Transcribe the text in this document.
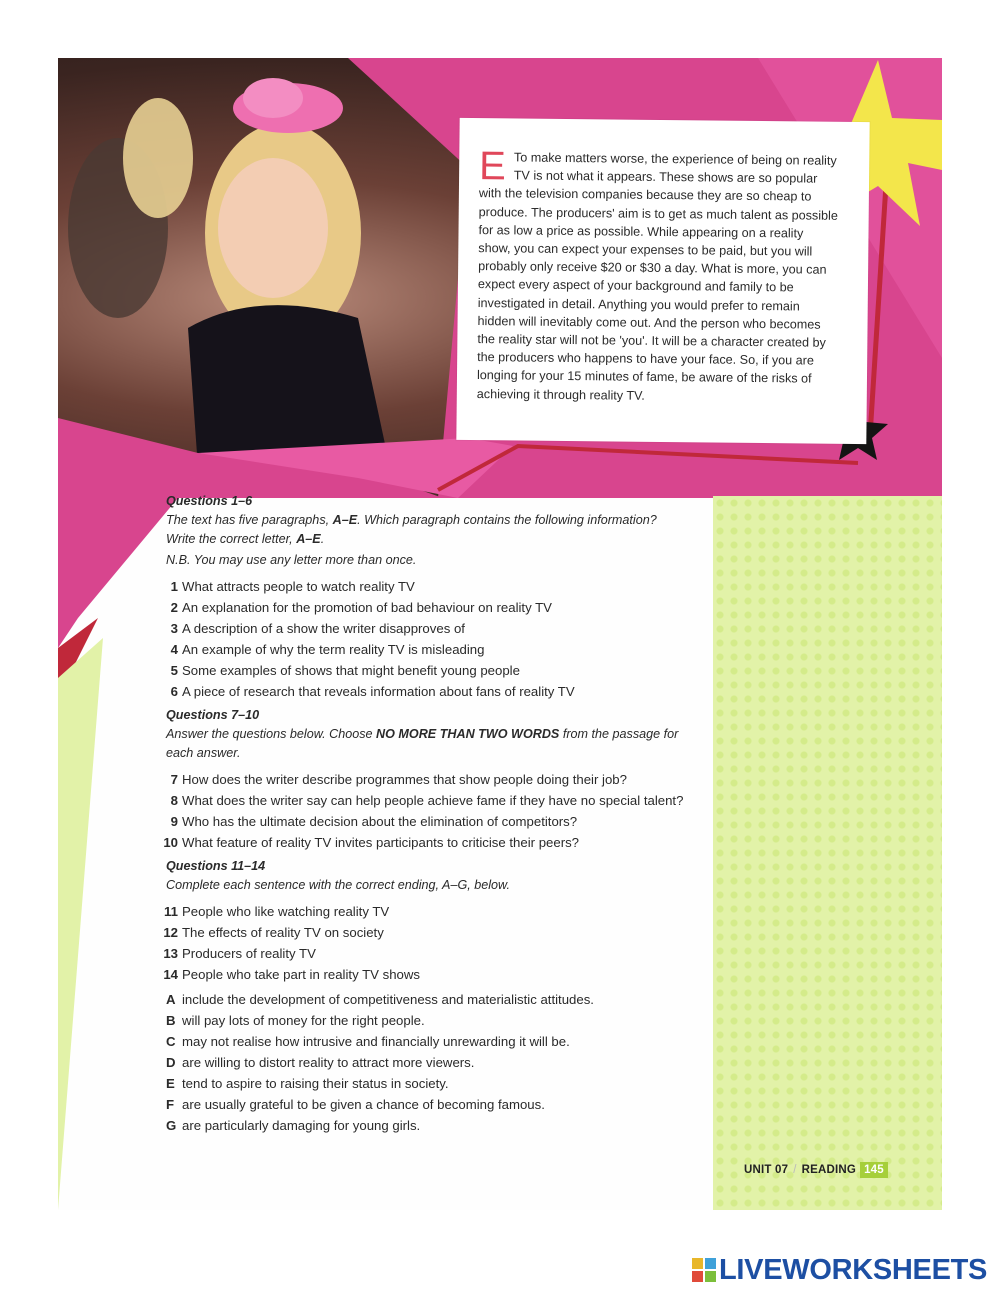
E To make matters worse, the experience of being on reality TV is not what it appears. These shows are so popular with the television companies because they are so cheap to produce. The producers' aim is to get as much talent as possible for as low a price as possible. While appearing on a reality show, you can expect your expenses to be paid, but you will probably only receive $20 or $30 a day. What is more, you can expect every aspect of your background and family to be investigated in detail. Anything you would prefer to remain hidden will inevitably come out. And the person who becomes the reality star will not be 'you'. It will be a character created by the producers who happens to have your face. So, if you are longing for your 15 minutes of fame, be aware of the risks of achieving it through reality TV.

Questions 1–6

The text has five paragraphs, A–E. Which paragraph contains the following information?
Write the correct letter, A–E.

N.B. You may use any letter more than once.

1 What attracts people to watch reality TV
2 An explanation for the promotion of bad behaviour on reality TV
3 A description of a show the writer disapproves of
4 An example of why the term reality TV is misleading
5 Some examples of shows that might benefit young people
6 A piece of research that reveals information about fans of reality TV

Questions 7–10

Answer the questions below. Choose NO MORE THAN TWO WORDS from the passage for each answer.

7 How does the writer describe programmes that show people doing their job?
8 What does the writer say can help people achieve fame if they have no special talent?
9 Who has the ultimate decision about the elimination of competitors?
10 What feature of reality TV invites participants to criticise their peers?

Questions 11–14

Complete each sentence with the correct ending, A–G, below.

11 People who like watching reality TV
12 The effects of reality TV on society
13 Producers of reality TV
14 People who take part in reality TV shows
A include the development of competitiveness and materialistic attitudes.
B will pay lots of money for the right people.
C may not realise how intrusive and financially unrewarding it will be.
D are willing to distort reality to attract more viewers.
E tend to aspire to raising their status in society.
F are usually grateful to be given a chance of becoming famous.
G are particularly damaging for young girls.
UNIT 07 / READING 145
LIVEWORKSHEETS
